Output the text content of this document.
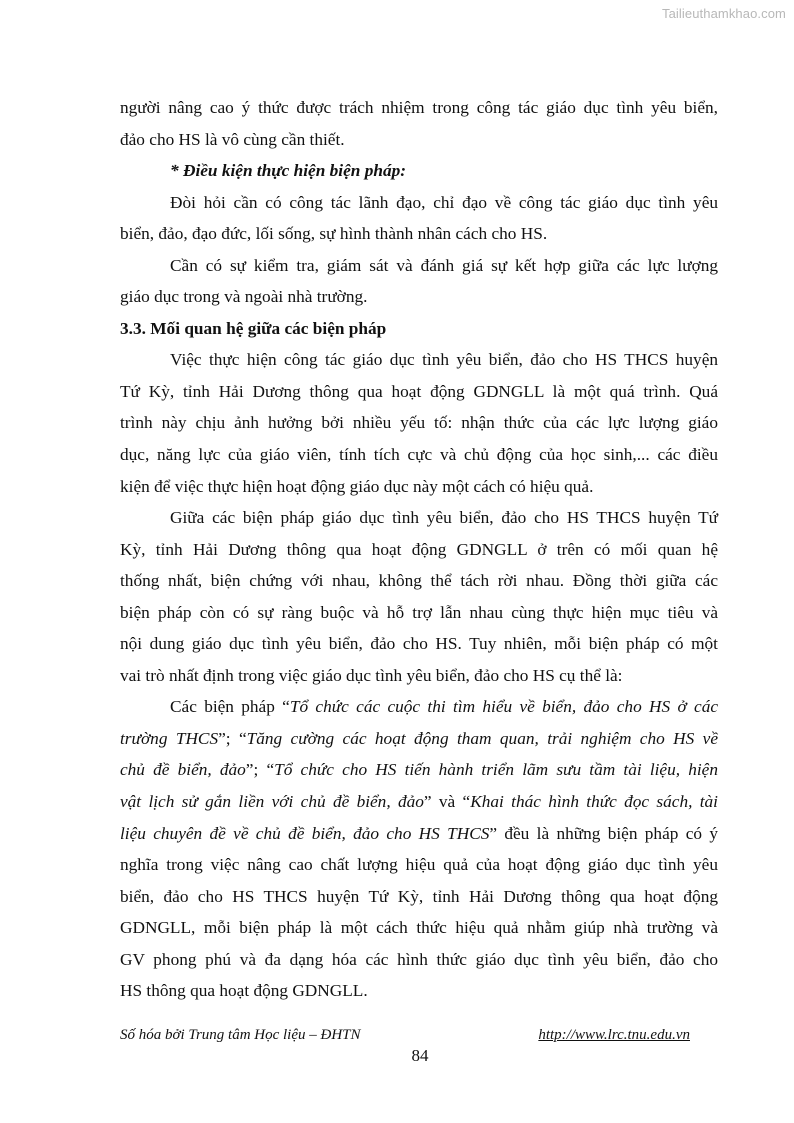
Tailieuthamkhao.com
người nâng cao ý thức được trách nhiệm trong công tác giáo dục tình yêu biển,
đảo cho HS là vô cùng cần thiết.
* Điều kiện thực hiện biện pháp:
Đòi hỏi cần có công tác lãnh đạo, chỉ đạo về công tác giáo dục tình yêu
biển, đảo, đạo đức, lối sống, sự hình thành nhân cách cho HS.
Cần có sự kiểm tra, giám sát và đánh giá sự kết hợp giữa các lực lượng
giáo dục trong và ngoài nhà trường.
3.3. Mối quan hệ giữa các biện pháp
Việc thực hiện công tác giáo dục tình yêu biển, đảo cho HS THCS huyện
Tứ Kỳ, tỉnh Hải Dương thông qua hoạt động GDNGLL là một quá trình. Quá
trình này chịu ảnh hưởng bởi nhiều yếu tố: nhận thức của các lực lượng giáo
dục, năng lực của giáo viên, tính tích cực và chủ động của học sinh,... các điều
kiện để việc thực hiện hoạt động giáo dục này một cách có hiệu quả.
Giữa các biện pháp giáo dục tình yêu biển, đảo cho HS THCS huyện Tứ
Kỳ, tỉnh Hải Dương thông qua hoạt động GDNGLL ở trên có mối quan hệ
thống nhất, biện chứng với nhau, không thể tách rời nhau. Đồng thời giữa các
biện pháp còn có sự ràng buộc và hỗ trợ lẫn nhau cùng thực hiện mục tiêu và
nội dung giáo dục tình yêu biển, đảo cho HS. Tuy nhiên, mỗi biện pháp có một
vai trò nhất định trong việc giáo dục tình yêu biển, đảo cho HS cụ thể là:
Các biện pháp “Tổ chức các cuộc thi tìm hiểu về biển, đảo cho HS ở các
trường THCS”; “Tăng cường các hoạt động tham quan, trải nghiệm cho HS về
chủ đề biển, đảo”; “Tổ chức cho HS tiến hành triển lãm sưu tầm tài liệu, hiện
vật lịch sử gắn liền với chủ đề biển, đảo” và “Khai thác hình thức đọc sách, tài
liệu chuyên đề về chủ đề biển, đảo cho HS THCS” đều là những biện pháp có ý
nghĩa trong việc nâng cao chất lượng hiệu quả của hoạt động giáo dục tình yêu
biển, đảo cho HS THCS huyện Tứ Kỳ, tỉnh Hải Dương thông qua hoạt động
GDNGLL, mỗi biện pháp là một cách thức hiệu quả nhằm giúp nhà trường và
GV phong phú và đa dạng hóa các hình thức giáo dục tình yêu biển, đảo cho
HS thông qua hoạt động GDNGLL.
Số hóa bởi Trung tâm Học liệu – ĐHTN	http://www.lrc.tnu.edu.vn
84
